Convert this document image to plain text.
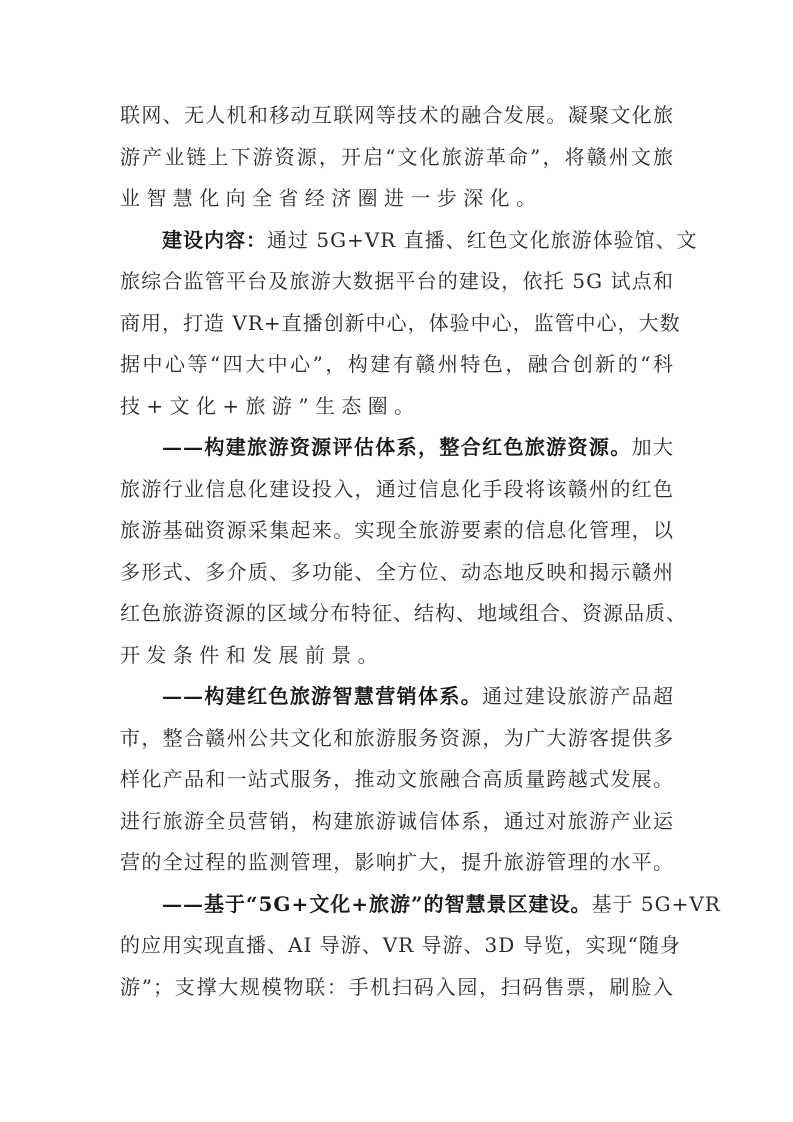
联网、无人机和移动互联网等技术的融合发展。凝聚文化旅
游产业链上下游资源，开启“文化旅游革命”，将赣州文旅
业智慧化向全省经济圈进一步深化。
建设内容：通过 5G+VR 直播、红色文化旅游体验馆、文
旅综合监管平台及旅游大数据平台的建设，依托 5G 试点和
商用，打造 VR+直播创新中心，体验中心，监管中心，大数
据中心等“四大中心”，构建有赣州特色，融合创新的“科
技+文化+旅游”生态圈。
——构建旅游资源评估体系，整合红色旅游资源。加大
旅游行业信息化建设投入，通过信息化手段将该赣州的红色
旅游基础资源采集起来。实现全旅游要素的信息化管理，以
多形式、多介质、多功能、全方位、动态地反映和揭示赣州
红色旅游资源的区域分布特征、结构、地域组合、资源品质、
开发条件和发展前景。
——构建红色旅游智慧营销体系。通过建设旅游产品超
市，整合赣州公共文化和旅游服务资源，为广大游客提供多
样化产品和一站式服务，推动文旅融合高质量跨越式发展。
进行旅游全员营销，构建旅游诚信体系，通过对旅游产业运
营的全过程的监测管理，影响扩大，提升旅游管理的水平。
——基于“5G+文化+旅游”的智慧景区建设。基于 5G+VR
的应用实现直播、AI 导游、VR 导游、3D 导览，实现“随身
游”；支撑大规模物联：手机扫码入园，扫码售票，刷脸入
